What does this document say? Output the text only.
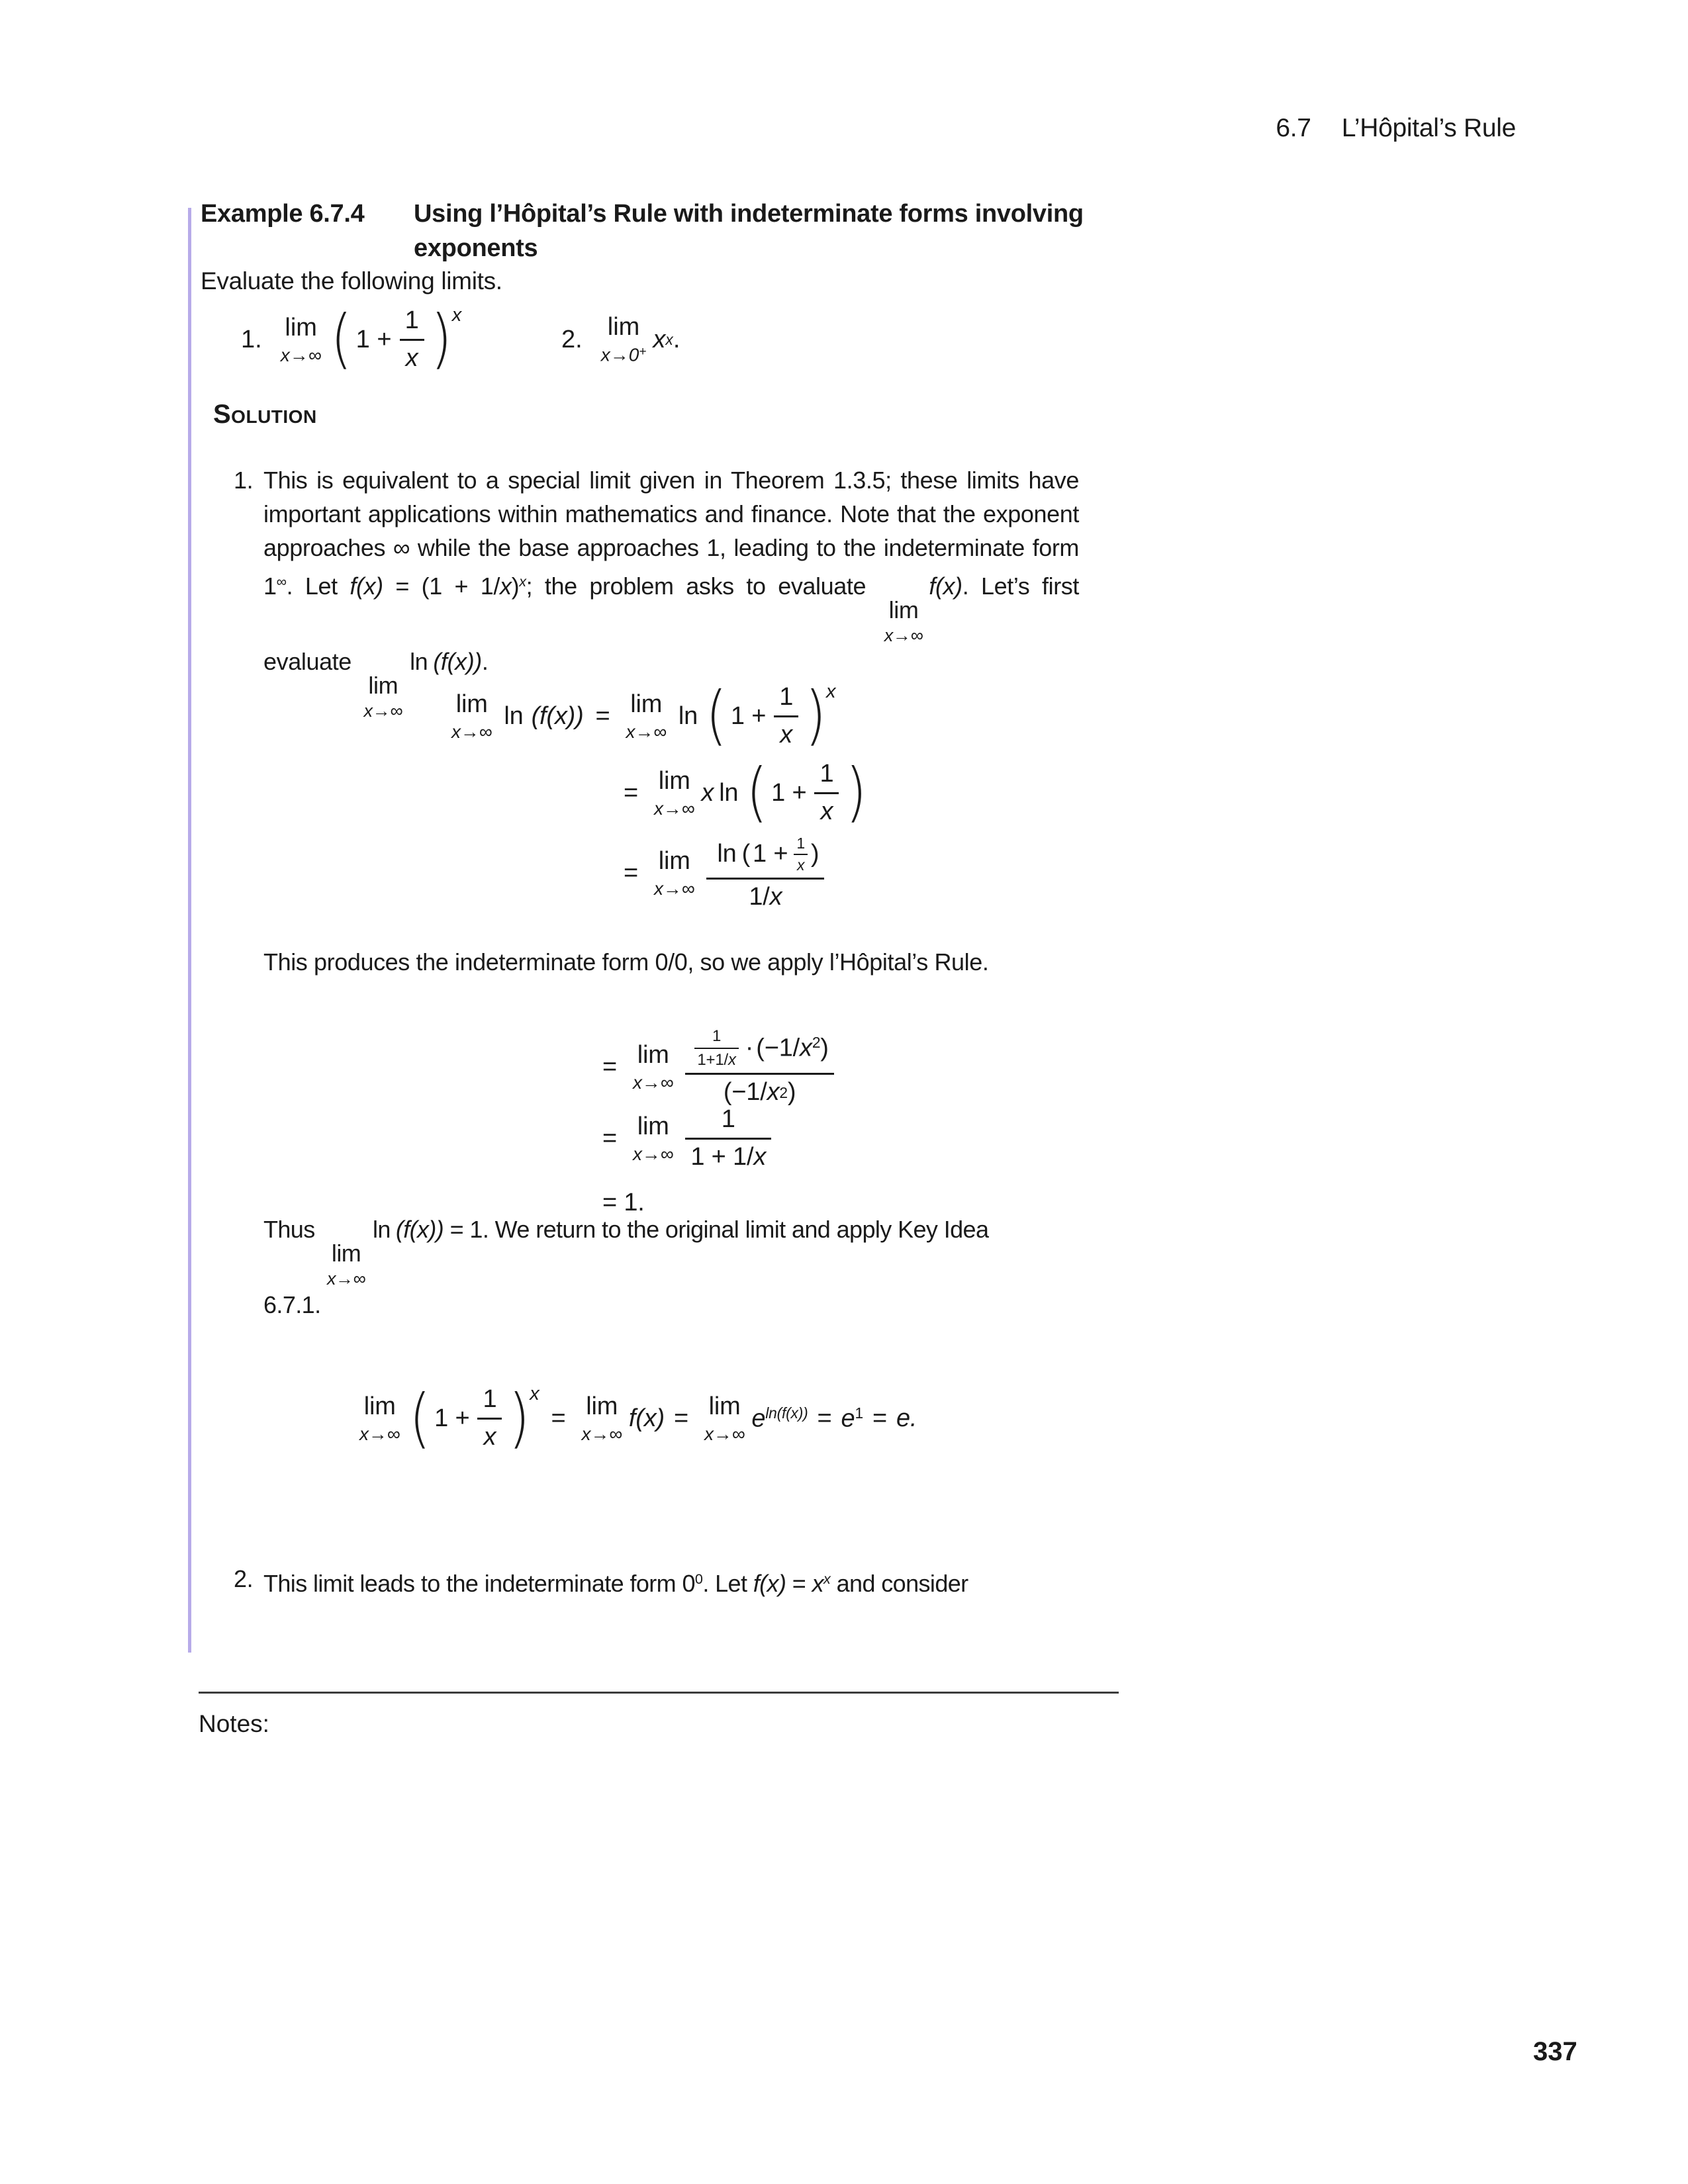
6.7 L’Hôpital’s Rule
Example 6.7.4	Using l’Hôpital’s Rule with indeterminate forms involving
exponents
Evaluate the following limits.
1. lim
x→∞ ( $1 + \frac{1}{x}$ ) x
2. lim
x→0+ x x .
Solution
1. This is equivalent to a special limit given in Theorem 1.3.5; these limits have important applications within mathematics and finance. Note that the exponent approaches ∞ while the base approaches 1, leading to the indeterminate form 1∞. Let $f(x) = (1 + 1/x)^x$; the problem asks to evaluate
lim
x→∞
f(x). Let’s first evaluate
lim
x→∞
ln (f(x)).
lim
x→∞
ln (f(x)) = lim
x→∞
ln ( $1 + \frac{1}{x}$ ) x
= lim
x→∞
x ln ( $1 + \frac{1}{x}$ )
= lim
$x\to\infty \frac{\ln ( 1 + \frac{1}{x} )}{1/ x}$
This produces the indeterminate form 0/0, so we apply l’Hôpital’s Rule.
= lim
$x\to\infty \frac{\frac{1}{1+1/ x} \cdot (-1/x^2)}{(-1/ x 2 )}$
= lim
$x\to\infty \frac{1}{1 + 1/ x}$
= 1.
Thus
lim
x→∞
ln (f(x)) = 1. We return to the original limit and apply Key Idea
6.7.1.
lim
x→∞ ( $1 + \frac{1}{x}$ ) x
= lim
x→∞
f(x) = lim
x→∞
$e^{ln(f(x))} = e^1 = e$.
2. This limit leads to the indeterminate form $0^0$. Let $f(x) = x^x$ and consider
Notes:
337
